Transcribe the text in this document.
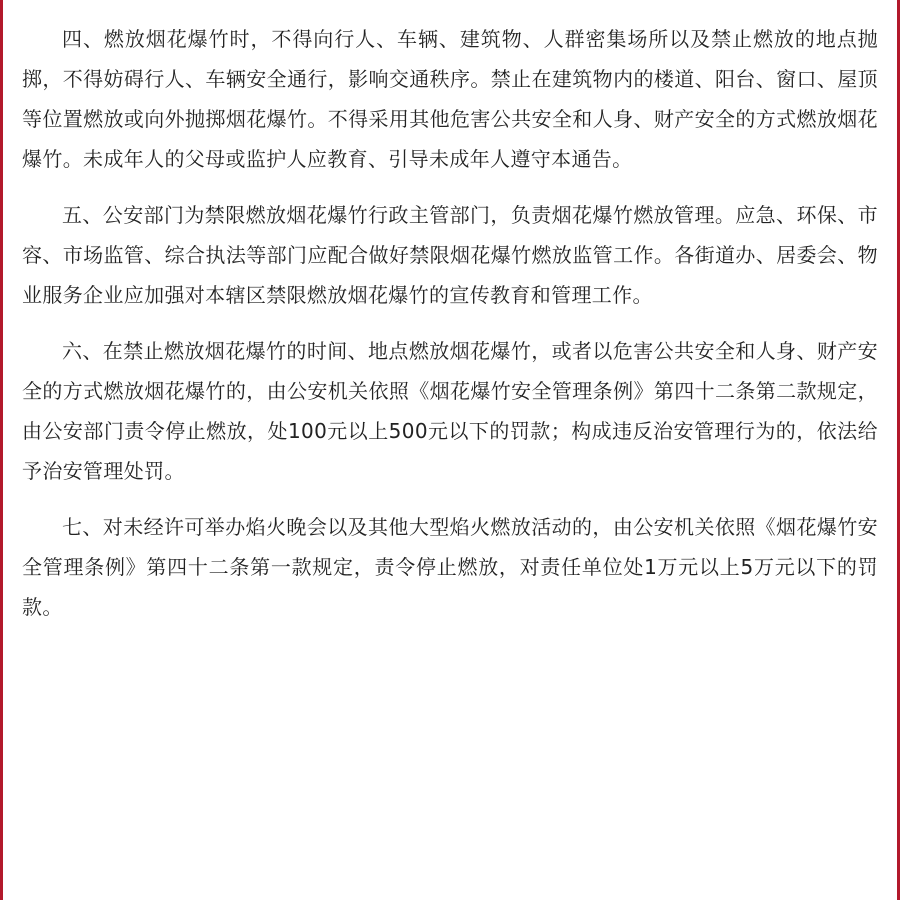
四、燃放烟花爆竹时，不得向行人、车辆、建筑物、人群密集场所以及禁止燃放的地点抛掷，不得妨碍行人、车辆安全通行，影响交通秩序。禁止在建筑物内的楼道、阳台、窗口、屋顶等位置燃放或向外抛掷烟花爆竹。不得采用其他危害公共安全和人身、财产安全的方式燃放烟花爆竹。未成年人的父母或监护人应教育、引导未成年人遵守本通告。

五、公安部门为禁限燃放烟花爆竹行政主管部门，负责烟花爆竹燃放管理。应急、环保、市容、市场监管、综合执法等部门应配合做好禁限烟花爆竹燃放监管工作。各街道办、居委会、物业服务企业应加强对本辖区禁限燃放烟花爆竹的宣传教育和管理工作。

六、在禁止燃放烟花爆竹的时间、地点燃放烟花爆竹，或者以危害公共安全和人身、财产安全的方式燃放烟花爆竹的，由公安机关依照《烟花爆竹安全管理条例》第四十二条第二款规定，由公安部门责令停止燃放，处100元以上500元以下的罚款；构成违反治安管理行为的，依法给予治安管理处罚。

七、对未经许可举办焰火晚会以及其他大型焰火燃放活动的，由公安机关依照《烟花爆竹安全管理条例》第四十二条第一款规定，责令停止燃放，对责任单位处1万元以上5万元以下的罚款。
